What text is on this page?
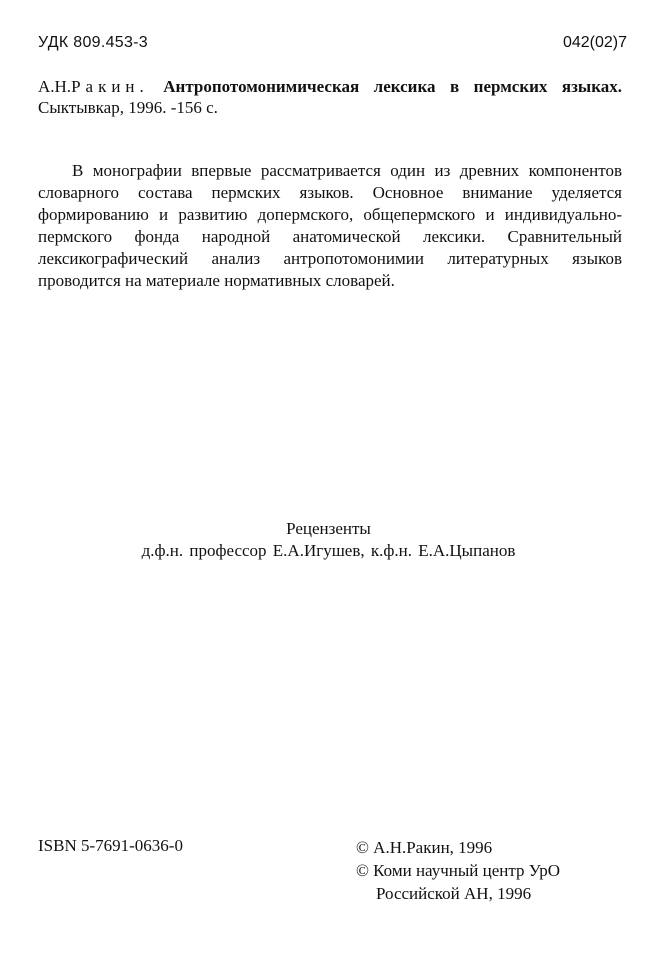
УДК 809.453-3	042(02)7
А.Н.Ракин. Антропотомонимическая лексика в пермских языках. Сыктывкар, 1996. -156 с.
В монографии впервые рассматривается один из древних компонентов словарного состава пермских языков. Основное внимание уделяется формированию и развитию допермского, общепермского и индивидуально-пермского фонда народной анатомической лексики. Сравнительный лексикографический анализ антропотомонимии литературных языков проводится на материале нормативных словарей.
Рецензенты
д.ф.н. профессор Е.А.Игушев, к.ф.н. Е.А.Цыпанов
ISBN 5-7691-0636-0	© А.Н.Ракин, 1996
© Коми научный центр УрО
Российской АН, 1996
